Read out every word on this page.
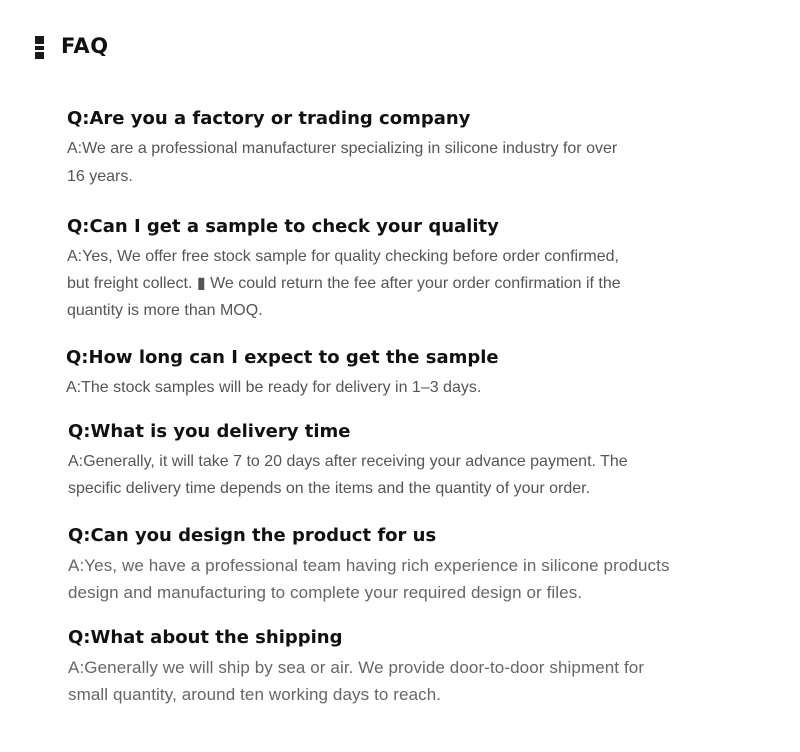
FAQ
Q:Are you a factory or trading company

A:We are a professional manufacturer specializing in silicone industry for over
16 years.

Q:Can I get a sample to check your quality

A:Yes, We offer free stock sample for quality checking before order confirmed,
but freight collect. ▮ We could return the fee after your order confirmation if the
quantity is more than MOQ.

Q:How long can I expect to get the sample

A:The stock samples will be ready for delivery in 1–3 days.

Q:What is you delivery time

A:Generally, it will take 7 to 20 days after receiving your advance payment. The
specific delivery time depends on the items and the quantity of your order.

Q:Can you design the product for us

A:Yes, we have a professional team having rich experience in silicone products
design and manufacturing to complete your required design or files.

Q:What about the shipping

A:Generally we will ship by sea or air. We provide door-to-door shipment for
small quantity, around ten working days to reach.
